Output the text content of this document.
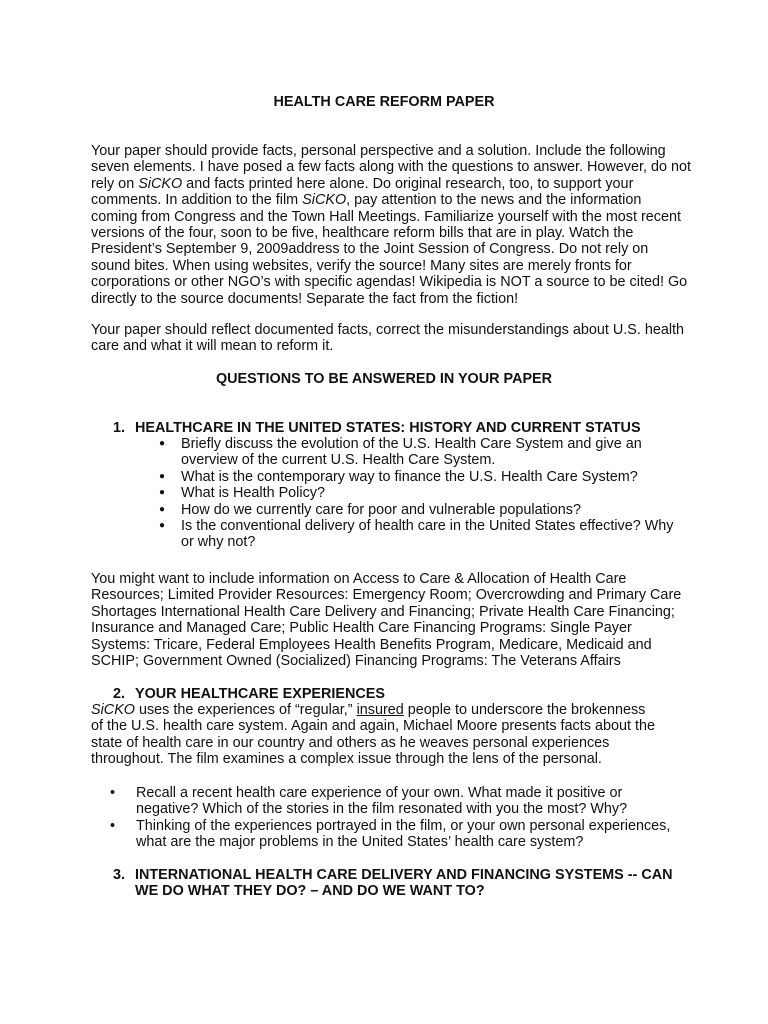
HEALTH CARE REFORM PAPER

Your paper should provide facts, personal perspective and a solution. Include the following seven elements. I have posed a few facts along with the questions to answer. However, do not rely on SiCKO and facts printed here alone. Do original research, too, to support your comments. In addition to the film SiCKO, pay attention to the news and the information coming from Congress and the Town Hall Meetings. Familiarize yourself with the most recent versions of the four, soon to be five, healthcare reform bills that are in play. Watch the President’s September 9, 2009address to the Joint Session of Congress. Do not rely on sound bites. When using websites, verify the source! Many sites are merely fronts for corporations or other NGO’s with specific agendas! Wikipedia is NOT a source to be cited! Go directly to the source documents! Separate the fact from the fiction!

Your paper should reflect documented facts, correct the misunderstandings about U.S. health care and what it will mean to reform it.

QUESTIONS TO BE ANSWERED IN YOUR PAPER
1. HEALTHCARE IN THE UNITED STATES: HISTORY AND CURRENT STATUS
● Briefly discuss the evolution of the U.S. Health Care System and give an overview of the current U.S. Health Care System.
● What is the contemporary way to finance the U.S. Health Care System?
● What is Health Policy?
● How do we currently care for poor and vulnerable populations?
● Is the conventional delivery of health care in the United States effective? Why or why not?

You might want to include information on Access to Care & Allocation of Health Care Resources; Limited Provider Resources: Emergency Room; Overcrowding and Primary Care Shortages International Health Care Delivery and Financing; Private Health Care Financing; Insurance and Managed Care; Public Health Care Financing Programs: Single Payer Systems: Tricare, Federal Employees Health Benefits Program, Medicare, Medicaid and SCHIP; Government Owned (Socialized) Financing Programs: The Veterans Affairs

2. YOUR HEALTHCARE EXPERIENCES

SiCKO uses the experiences of “regular,” insured people to underscore the brokenness of the U.S. health care system. Again and again, Michael Moore presents facts about the state of health care in our country and others as he weaves personal experiences throughout. The film examines a complex issue through the lens of the personal.

• Recall a recent health care experience of your own. What made it positive or negative? Which of the stories in the film resonated with you the most? Why?
• Thinking of the experiences portrayed in the film, or your own personal experiences, what are the major problems in the United States’ health care system?
3. INTERNATIONAL HEALTH CARE DELIVERY AND FINANCING SYSTEMS -- CAN
WE DO WHAT THEY DO? – AND DO WE WANT TO?
